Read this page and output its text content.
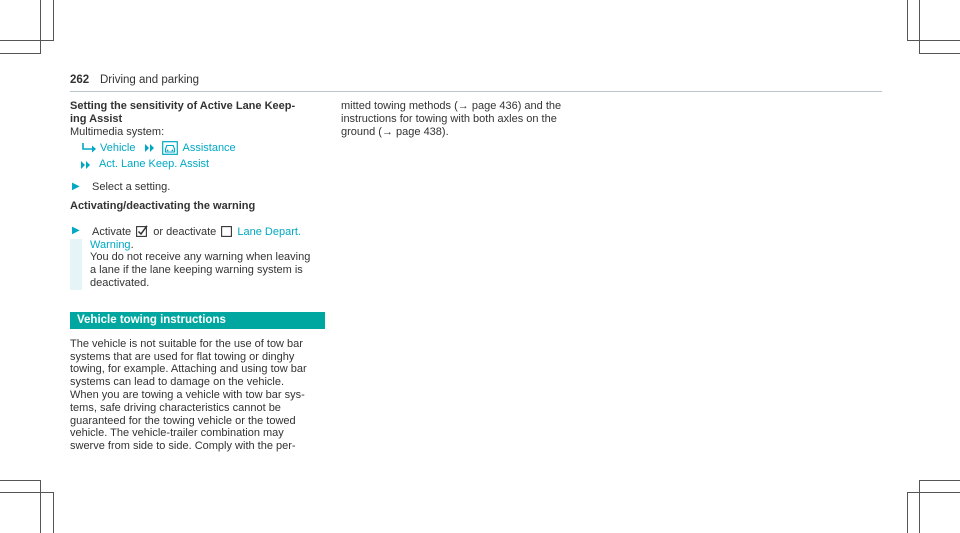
262 Driving and parking
Setting the sensitivity of Active Lane Keep-
ing Assist
Multimedia system:
Vehicle	Assistance
Act. Lane Keep. Assist
▶	Select a setting.
Activating/deactivating the warning
▶	Activate or deactivate Lane Depart.
Warning.
You do not receive any warning when leaving
a lane if the lane keeping warning system is
deactivated.
Vehicle towing instructions
The vehicle is not suitable for the use of tow bar
systems that are used for flat towing or dinghy
towing, for example. Attaching and using tow bar
systems can lead to damage on the vehicle.
When you are towing a vehicle with tow bar sys-
tems, safe driving characteristics cannot be
guaranteed for the towing vehicle or the towed
vehicle. The vehicle-trailer combination may
swerve from side to side. Comply with the per-
mitted towing methods (→ page 436) and the
instructions for towing with both axles on the
ground (→ page 438).
